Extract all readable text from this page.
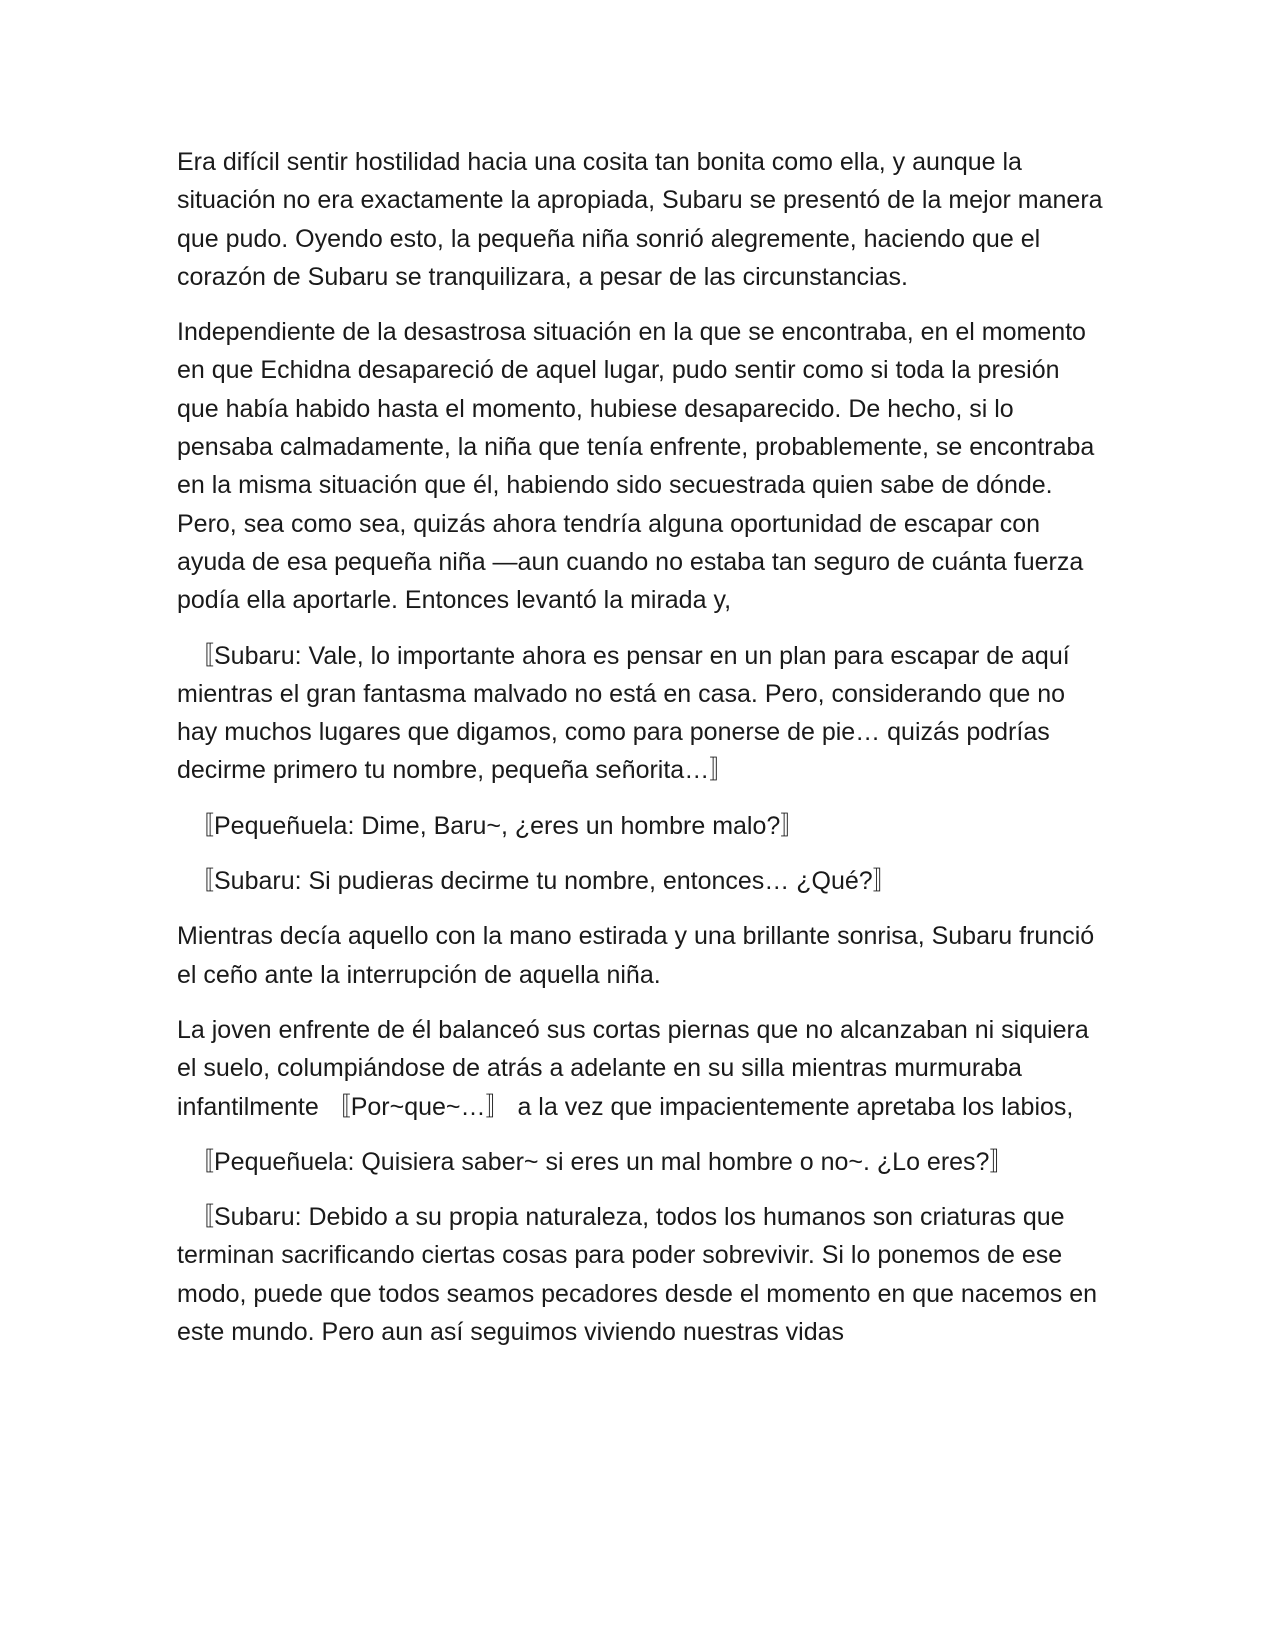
Era difícil sentir hostilidad hacia una cosita tan bonita como ella, y aunque la situación no era exactamente la apropiada, Subaru se presentó de la mejor manera que pudo. Oyendo esto, la pequeña niña sonrió alegremente, haciendo que el corazón de Subaru se tranquilizara, a pesar de las circunstancias.

Independiente de la desastrosa situación en la que se encontraba, en el momento en que Echidna desapareció de aquel lugar, pudo sentir como si toda la presión que había habido hasta el momento, hubiese desaparecido. De hecho, si lo pensaba calmadamente, la niña que tenía enfrente, probablemente, se encontraba en la misma situación que él, habiendo sido secuestrada quien sabe de dónde. Pero, sea como sea, quizás ahora tendría alguna oportunidad de escapar con ayuda de esa pequeña niña —aun cuando no estaba tan seguro de cuánta fuerza podía ella aportarle. Entonces levantó la mirada y,

〚Subaru: Vale, lo importante ahora es pensar en un plan para escapar de aquí mientras el gran fantasma malvado no está en casa. Pero, considerando que no hay muchos lugares que digamos, como para ponerse de pie… quizás podrías decirme primero tu nombre, pequeña señorita…〛

〚Pequeñuela: Dime, Baru~, ¿eres un hombre malo?〛

〚Subaru: Si pudieras decirme tu nombre, entonces… ¿Qué?〛

Mientras decía aquello con la mano estirada y una brillante sonrisa, Subaru frunció el ceño ante la interrupción de aquella niña.

La joven enfrente de él balanceó sus cortas piernas que no alcanzaban ni siquiera el suelo, columpiándose de atrás a adelante en su silla mientras murmuraba infantilmente 〚Por~que~…〛 a la vez que impacientemente apretaba los labios,

〚Pequeñuela: Quisiera saber~ si eres un mal hombre o no~. ¿Lo eres?〛

〚Subaru: Debido a su propia naturaleza, todos los humanos son criaturas que terminan sacrificando ciertas cosas para poder sobrevivir. Si lo ponemos de ese modo, puede que todos seamos pecadores desde el momento en que nacemos en este mundo. Pero aun así seguimos viviendo nuestras vidas
